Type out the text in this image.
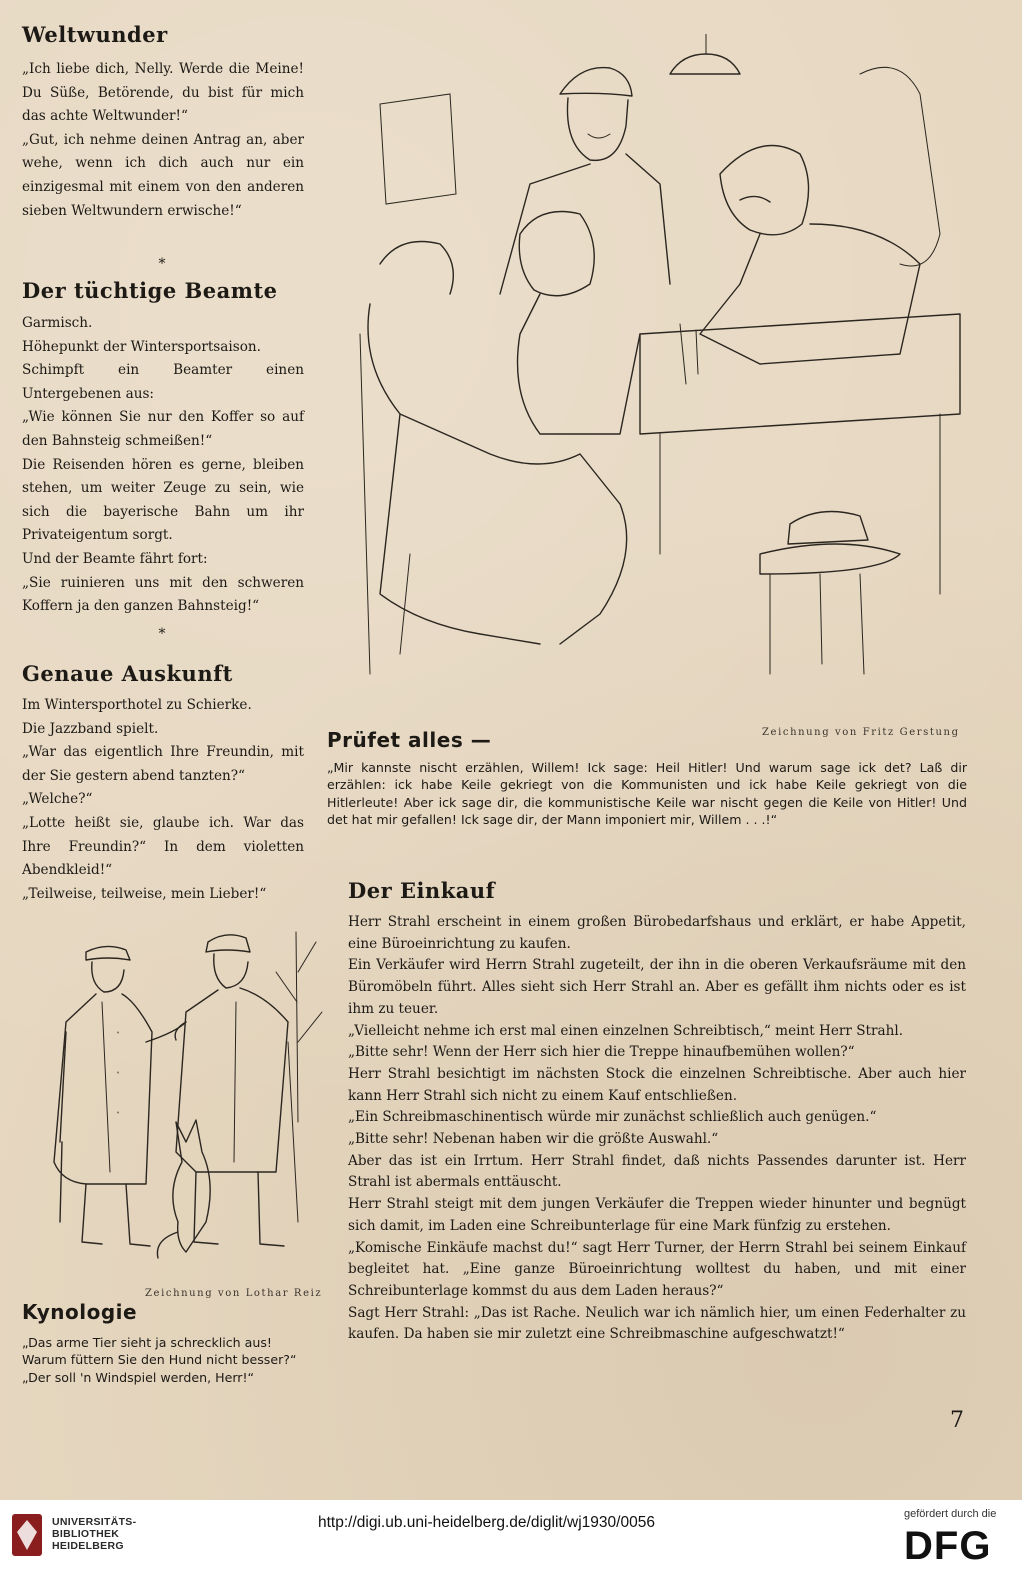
Weltwunder

„Ich liebe dich, Nelly. Werde die Meine! Du Süße, Betörende, du bist für mich das achte Weltwunder!“

„Gut, ich nehme deinen Antrag an, aber wehe, wenn ich dich auch nur ein einzigesmal mit einem von den anderen sieben Weltwundern erwische!“

*
Der tüchtige Beamte

Garmisch.

Höhepunkt der Wintersportsaison.

Schimpft ein Beamter einen Untergebenen aus:

„Wie können Sie nur den Koffer so auf den Bahnsteig schmeißen!“

Die Reisenden hören es gerne, bleiben stehen, um weiter Zeuge zu sein, wie sich die bayerische Bahn um ihr Privateigentum sorgt.

Und der Beamte fährt fort:

„Sie ruinieren uns mit den schweren Koffern ja den ganzen Bahnsteig!“

*
Genaue Auskunft

Im Wintersporthotel zu Schierke.

Die Jazzband spielt.

„War das eigentlich Ihre Freundin, mit der Sie gestern abend tanzten?“

„Welche?“

„Lotte heißt sie, glaube ich. War das Ihre Freundin?“ In dem violetten Abendkleid!“

„Teilweise, teilweise, mein Lieber!“

Zeichnung von Lothar Reiz
Kynologie
„Das arme Tier sieht ja schrecklich aus!
Warum füttern Sie den Hund nicht besser?“
„Der soll 'n Windspiel werden, Herr!“
Zeichnung von Fritz Gerstung
Prüfet alles —
„Mir kannste nischt erzählen, Willem! Ick sage: Heil Hitler! Und warum sage ick det? Laß dir erzählen: ick habe Keile gekriegt von die Kommunisten und ick habe Keile gekriegt von die Hitlerleute! Aber ick sage dir, die kommunistische Keile war nischt gegen die Keile von Hitler! Und det hat mir gefallen! Ick sage dir, der Mann imponiert mir, Willem . . .!“
Der Einkauf

Herr Strahl erscheint in einem großen Bürobedarfshaus und erklärt, er habe Appetit, eine Büroeinrichtung zu kaufen.

Ein Verkäufer wird Herrn Strahl zugeteilt, der ihn in die oberen Verkaufsräume mit den Büromöbeln führt. Alles sieht sich Herr Strahl an. Aber es gefällt ihm nichts oder es ist ihm zu teuer.

„Vielleicht nehme ich erst mal einen einzelnen Schreibtisch,“ meint Herr Strahl.

„Bitte sehr! Wenn der Herr sich hier die Treppe hinaufbemühen wollen?“

Herr Strahl besichtigt im nächsten Stock die einzelnen Schreibtische. Aber auch hier kann Herr Strahl sich nicht zu einem Kauf entschließen.

„Ein Schreibmaschinentisch würde mir zunächst schließlich auch genügen.“

„Bitte sehr! Nebenan haben wir die größte Auswahl.“

Aber das ist ein Irrtum. Herr Strahl findet, daß nichts Passendes darunter ist. Herr Strahl ist abermals enttäuscht.

Herr Strahl steigt mit dem jungen Verkäufer die Treppen wieder hinunter und begnügt sich damit, im Laden eine Schreibunterlage für eine Mark fünfzig zu erstehen.

„Komische Einkäufe machst du!“ sagt Herr Turner, der Herrn Strahl bei seinem Einkauf begleitet hat. „Eine ganze Büroeinrichtung wolltest du haben, und mit einer Schreibunterlage kommst du aus dem Laden heraus?“

Sagt Herr Strahl: „Das ist Rache. Neulich war ich nämlich hier, um einen Federhalter zu kaufen. Da haben sie mir zuletzt eine Schreibmaschine aufgeschwatzt!“

7
UNIVERSITÄTS-
BIBLIOTHEK
HEIDELBERG
http://digi.ub.uni-heidelberg.de/diglit/wj1930/0056	gefördert durch die
DFG
